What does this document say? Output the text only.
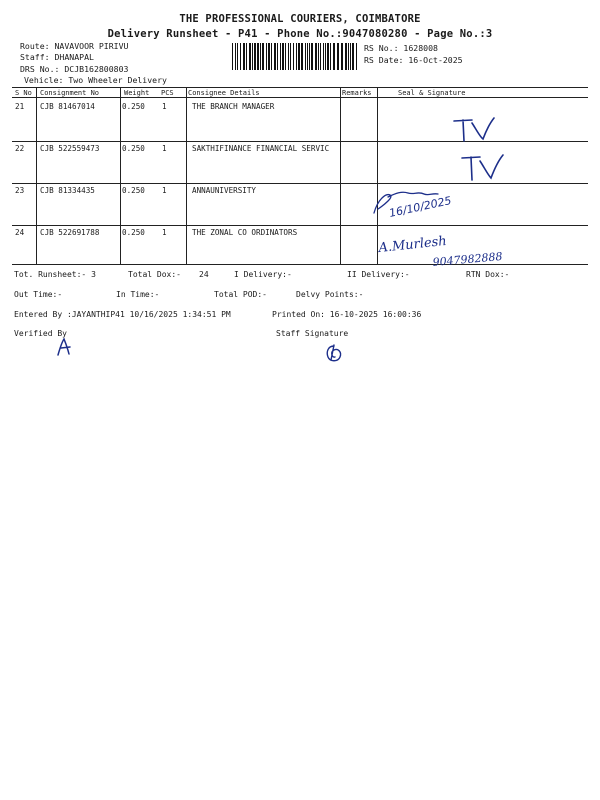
THE PROFESSIONAL COURIERS, COIMBATORE
Delivery Runsheet - P41 - Phone No.:9047080280 - Page No.:3
Route: NAVAVOOR PIRIVU
Staff: DHANAPAL
DRS No.: DCJB162800803
Vehicle: Two Wheeler Delivery
RS No.: 1628008
RS Date: 16-Oct-2025
S No Consignment No	Weight PCS Consignee Details	Remarks	Seal & Signature
21 CJB 81467014	0.250 1	THE BRANCH MANAGER
22 CJB 522559473	0.250 1	SAKTHIFINANCE FINANCIAL SERVIC
23 CJB 81334435	0.250 1	ANNAUNIVERSITY
24 CJB 522691788	0.250 1	THE ZONAL CO ORDINATORS
16/10/2025
A.Murlesh
9047982888
Tot. Runsheet:- 3	Total Dox:- 24	I Delivery:-	II Delivery:-	RTN Dox:-
Out Time:-	In Time:-	Total POD:-	Delvy Points:-
Entered By :JAYANTHIP41 10/16/2025 1:34:51 PM	Printed On: 16-10-2025 16:00:36
Verified By	Staff Signature
